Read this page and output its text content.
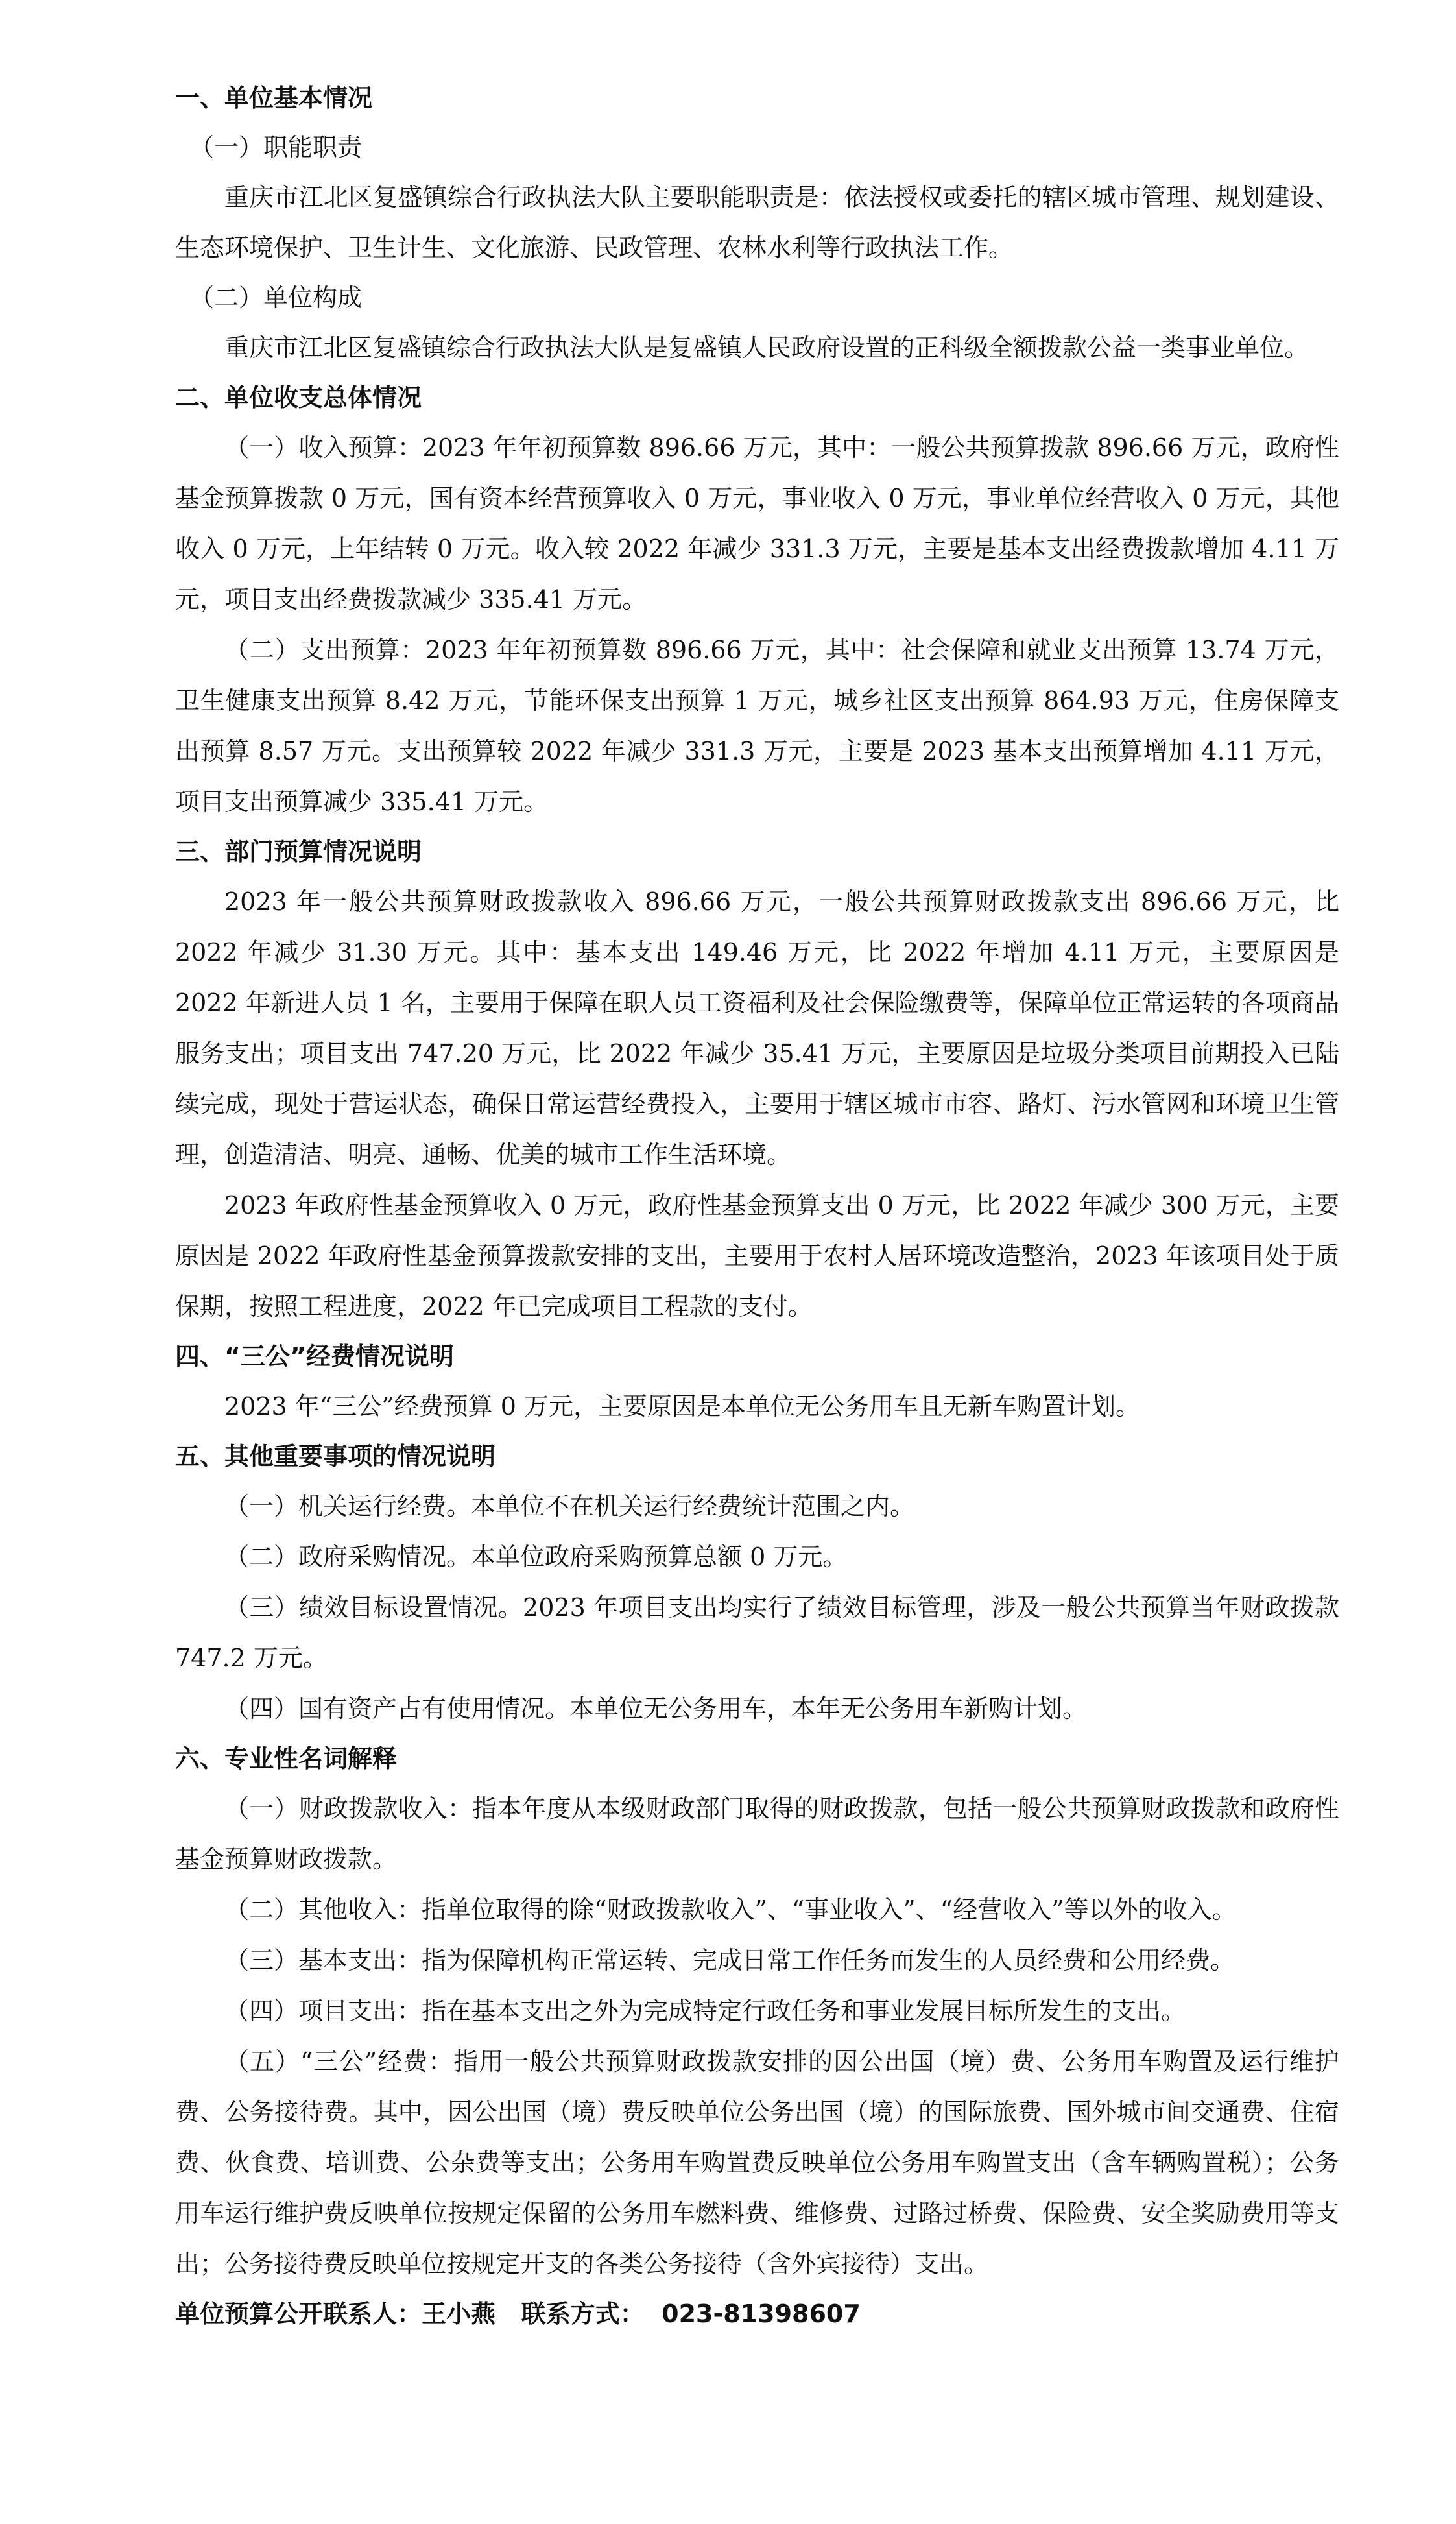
一、单位基本情况
（一）职能职责
重庆市江北区复盛镇综合行政执法大队主要职能职责是：依法授权或委托的辖区城市管理、规划建设、生态环境保护、卫生计生、文化旅游、民政管理、农林水利等行政执法工作。
（二）单位构成
重庆市江北区复盛镇综合行政执法大队是复盛镇人民政府设置的正科级全额拨款公益一类事业单位。
二、单位收支总体情况
（一）收入预算：2023 年年初预算数 896.66 万元，其中：一般公共预算拨款 896.66 万元，政府性基金预算拨款 0 万元，国有资本经营预算收入 0 万元，事业收入 0 万元，事业单位经营收入 0 万元，其他收入 0 万元，上年结转 0 万元。收入较 2022 年减少 331.3 万元，主要是基本支出经费拨款增加 4.11 万元，项目支出经费拨款减少 335.41 万元。
（二）支出预算：2023 年年初预算数 896.66 万元，其中：社会保障和就业支出预算 13.74 万元，卫生健康支出预算 8.42 万元，节能环保支出预算 1 万元，城乡社区支出预算 864.93 万元，住房保障支出预算 8.57 万元。支出预算较 2022 年减少 331.3 万元，主要是 2023 基本支出预算增加 4.11 万元，项目支出预算减少 335.41 万元。
三、部门预算情况说明
2023 年一般公共预算财政拨款收入 896.66 万元，一般公共预算财政拨款支出 896.66 万元，比 2022 年减少 31.30 万元。其中：基本支出 149.46 万元，比 2022 年增加 4.11 万元，主要原因是 2022 年新进人员 1 名，主要用于保障在职人员工资福利及社会保险缴费等，保障单位正常运转的各项商品服务支出；项目支出 747.20 万元，比 2022 年减少 35.41 万元，主要原因是垃圾分类项目前期投入已陆续完成，现处于营运状态，确保日常运营经费投入，主要用于辖区城市市容、路灯、污水管网和环境卫生管理，创造清洁、明亮、通畅、优美的城市工作生活环境。
2023 年政府性基金预算收入 0 万元，政府性基金预算支出 0 万元，比 2022 年减少 300 万元，主要原因是 2022 年政府性基金预算拨款安排的支出，主要用于农村人居环境改造整治，2023 年该项目处于质保期，按照工程进度，2022 年已完成项目工程款的支付。
四、“三公”经费情况说明
2023 年“三公”经费预算 0 万元，主要原因是本单位无公务用车且无新车购置计划。
五、其他重要事项的情况说明
（一）机关运行经费。本单位不在机关运行经费统计范围之内。
（二）政府采购情况。本单位政府采购预算总额 0 万元。
（三）绩效目标设置情况。2023 年项目支出均实行了绩效目标管理，涉及一般公共预算当年财政拨款 747.2 万元。
（四）国有资产占有使用情况。本单位无公务用车，本年无公务用车新购计划。
六、专业性名词解释
（一）财政拨款收入：指本年度从本级财政部门取得的财政拨款，包括一般公共预算财政拨款和政府性基金预算财政拨款。
（二）其他收入：指单位取得的除“财政拨款收入”、“事业收入”、“经营收入”等以外的收入。
（三）基本支出：指为保障机构正常运转、完成日常工作任务而发生的人员经费和公用经费。
（四）项目支出：指在基本支出之外为完成特定行政任务和事业发展目标所发生的支出。
（五）“三公”经费：指用一般公共预算财政拨款安排的因公出国（境）费、公务用车购置及运行维护费、公务接待费。其中，因公出国（境）费反映单位公务出国（境）的国际旅费、国外城市间交通费、住宿费、伙食费、培训费、公杂费等支出；公务用车购置费反映单位公务用车购置支出（含车辆购置税）；公务用车运行维护费反映单位按规定保留的公务用车燃料费、维修费、过路过桥费、保险费、安全奖励费用等支出；公务接待费反映单位按规定开支的各类公务接待（含外宾接待）支出。
单位预算公开联系人：王小燕   联系方式：  023-81398607
